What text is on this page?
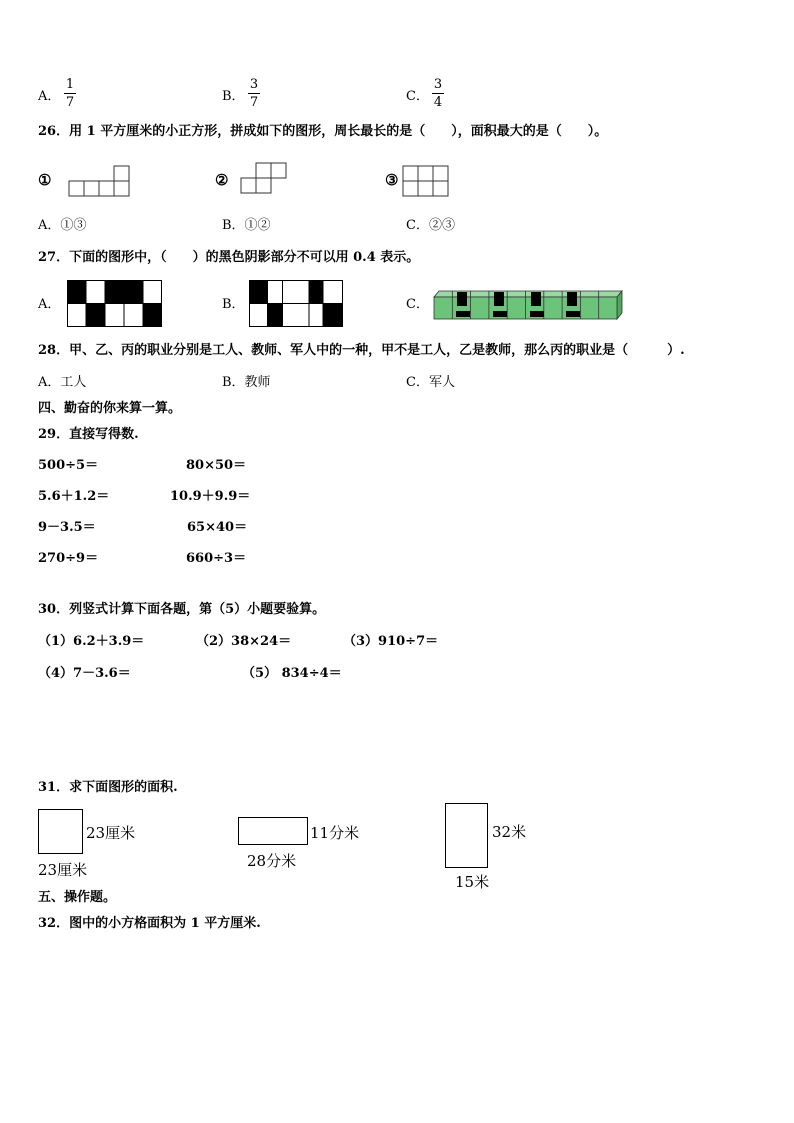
A．
1
7	B．
3
7	C．
3
4
26．用 1 平方厘米的小正方形，拼成如下的图形，周长最长的是（　　），面积最大的是（　　）。
①	②	③
A．①③	B．①②	C．②③
27．下面的图形中，（　　）的黑色阴影部分不可以用 0.4 表示。
A．	B．	C．
28．甲、乙、丙的职业分别是工人、教师、军人中的一种，甲不是工人，乙是教师，那么丙的职业是（　　　）.
A．工人	B．教师	C．军人
四、勤奋的你来算一算。
29．直接写得数.
500÷5＝	80×50＝
5.6＋1.2＝	10.9＋9.9＝
9－3.5＝	65×40＝
270÷9＝	660÷3＝
30．列竖式计算下面各题，第（5）小题要验算。
（1）6.2＋3.9＝	（2）38×24＝	（3）910÷7＝
（4）7－3.6＝	（5） 834÷4＝
31．求下面图形的面积.
23厘米
23厘米
11分米
28分米
32米
15米
五、操作题。
32．图中的小方格面积为 1 平方厘米.
